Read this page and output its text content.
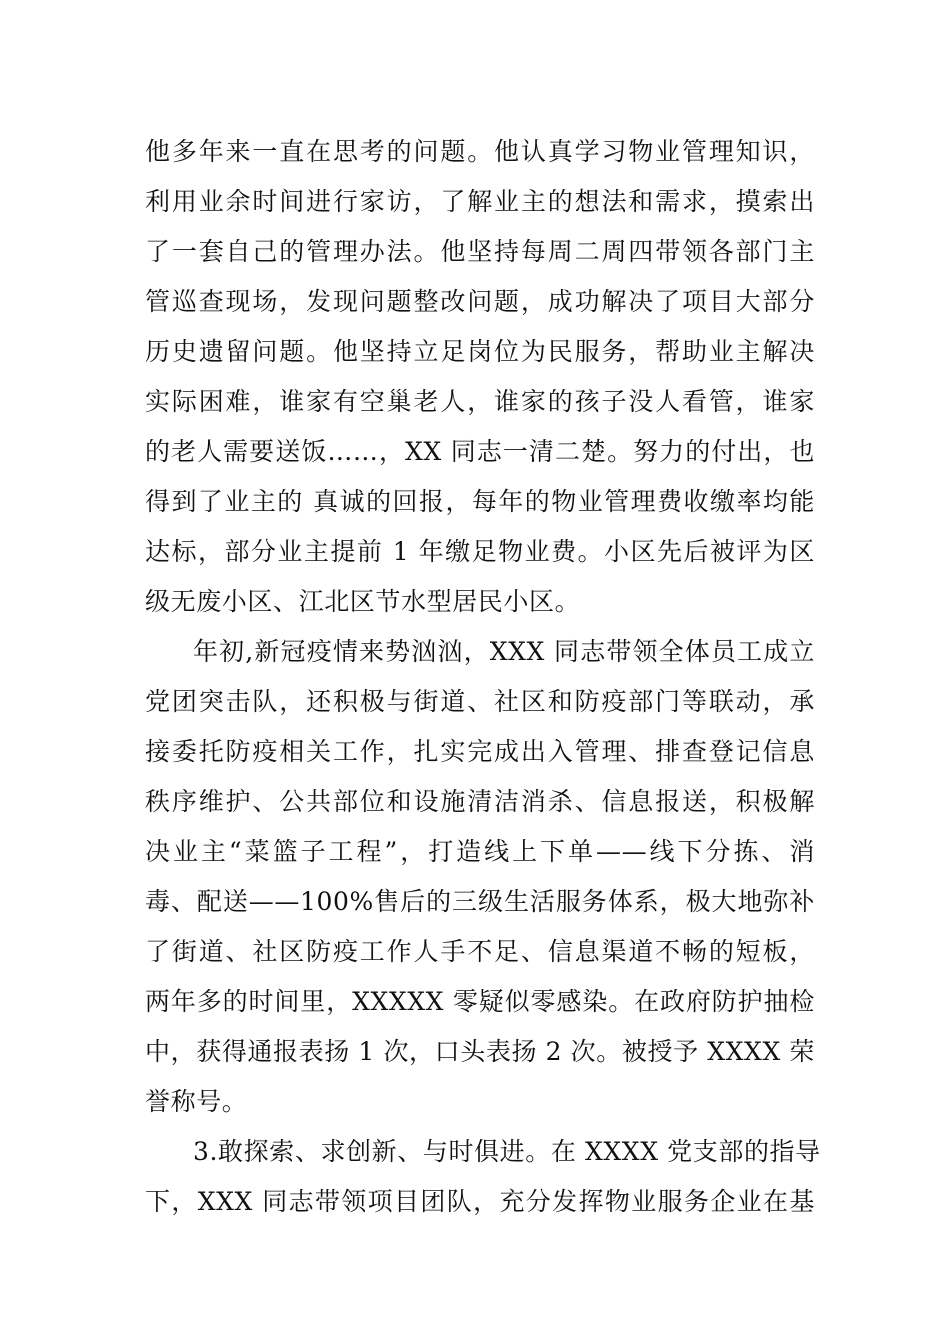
他多年来一直在思考的问题。他认真学习物业管理知识，
利用业余时间进行家访，了解业主的想法和需求，摸索出
了一套自己的管理办法。他坚持每周二周四带领各部门主
管巡查现场，发现问题整改问题，成功解决了项目大部分
历史遗留问题。他坚持立足岗位为民服务，帮助业主解决
实际困难，谁家有空巢老人，谁家的孩子没人看管，谁家
的老人需要送饭……，XX 同志一清二楚。努力的付出，也
得到了业主的 真诚的回报，每年的物业管理费收缴率均能
达标，部分业主提前 1 年缴足物业费。小区先后被评为区
级无废小区、江北区节水型居民小区。
年初,新冠疫情来势汹汹，XXX 同志带领全体员工成立
党团突击队，还积极与街道、社区和防疫部门等联动，承
接委托防疫相关工作，扎实完成出入管理、排查登记信息
秩序维护、公共部位和设施清洁消杀、信息报送，积极解
决业主“菜篮子工程”，打造线上下单——线下分拣、消
毒、配送——100%售后的三级生活服务体系，极大地弥补
了街道、社区防疫工作人手不足、信息渠道不畅的短板，
两年多的时间里，XXXXX 零疑似零感染。在政府防护抽检
中，获得通报表扬 1 次，口头表扬 2 次。被授予 XXXX 荣
誉称号。
3.敢探索、求创新、与时俱进。在 XXXX 党支部的指导
下，XXX 同志带领项目团队，充分发挥物业服务企业在基
